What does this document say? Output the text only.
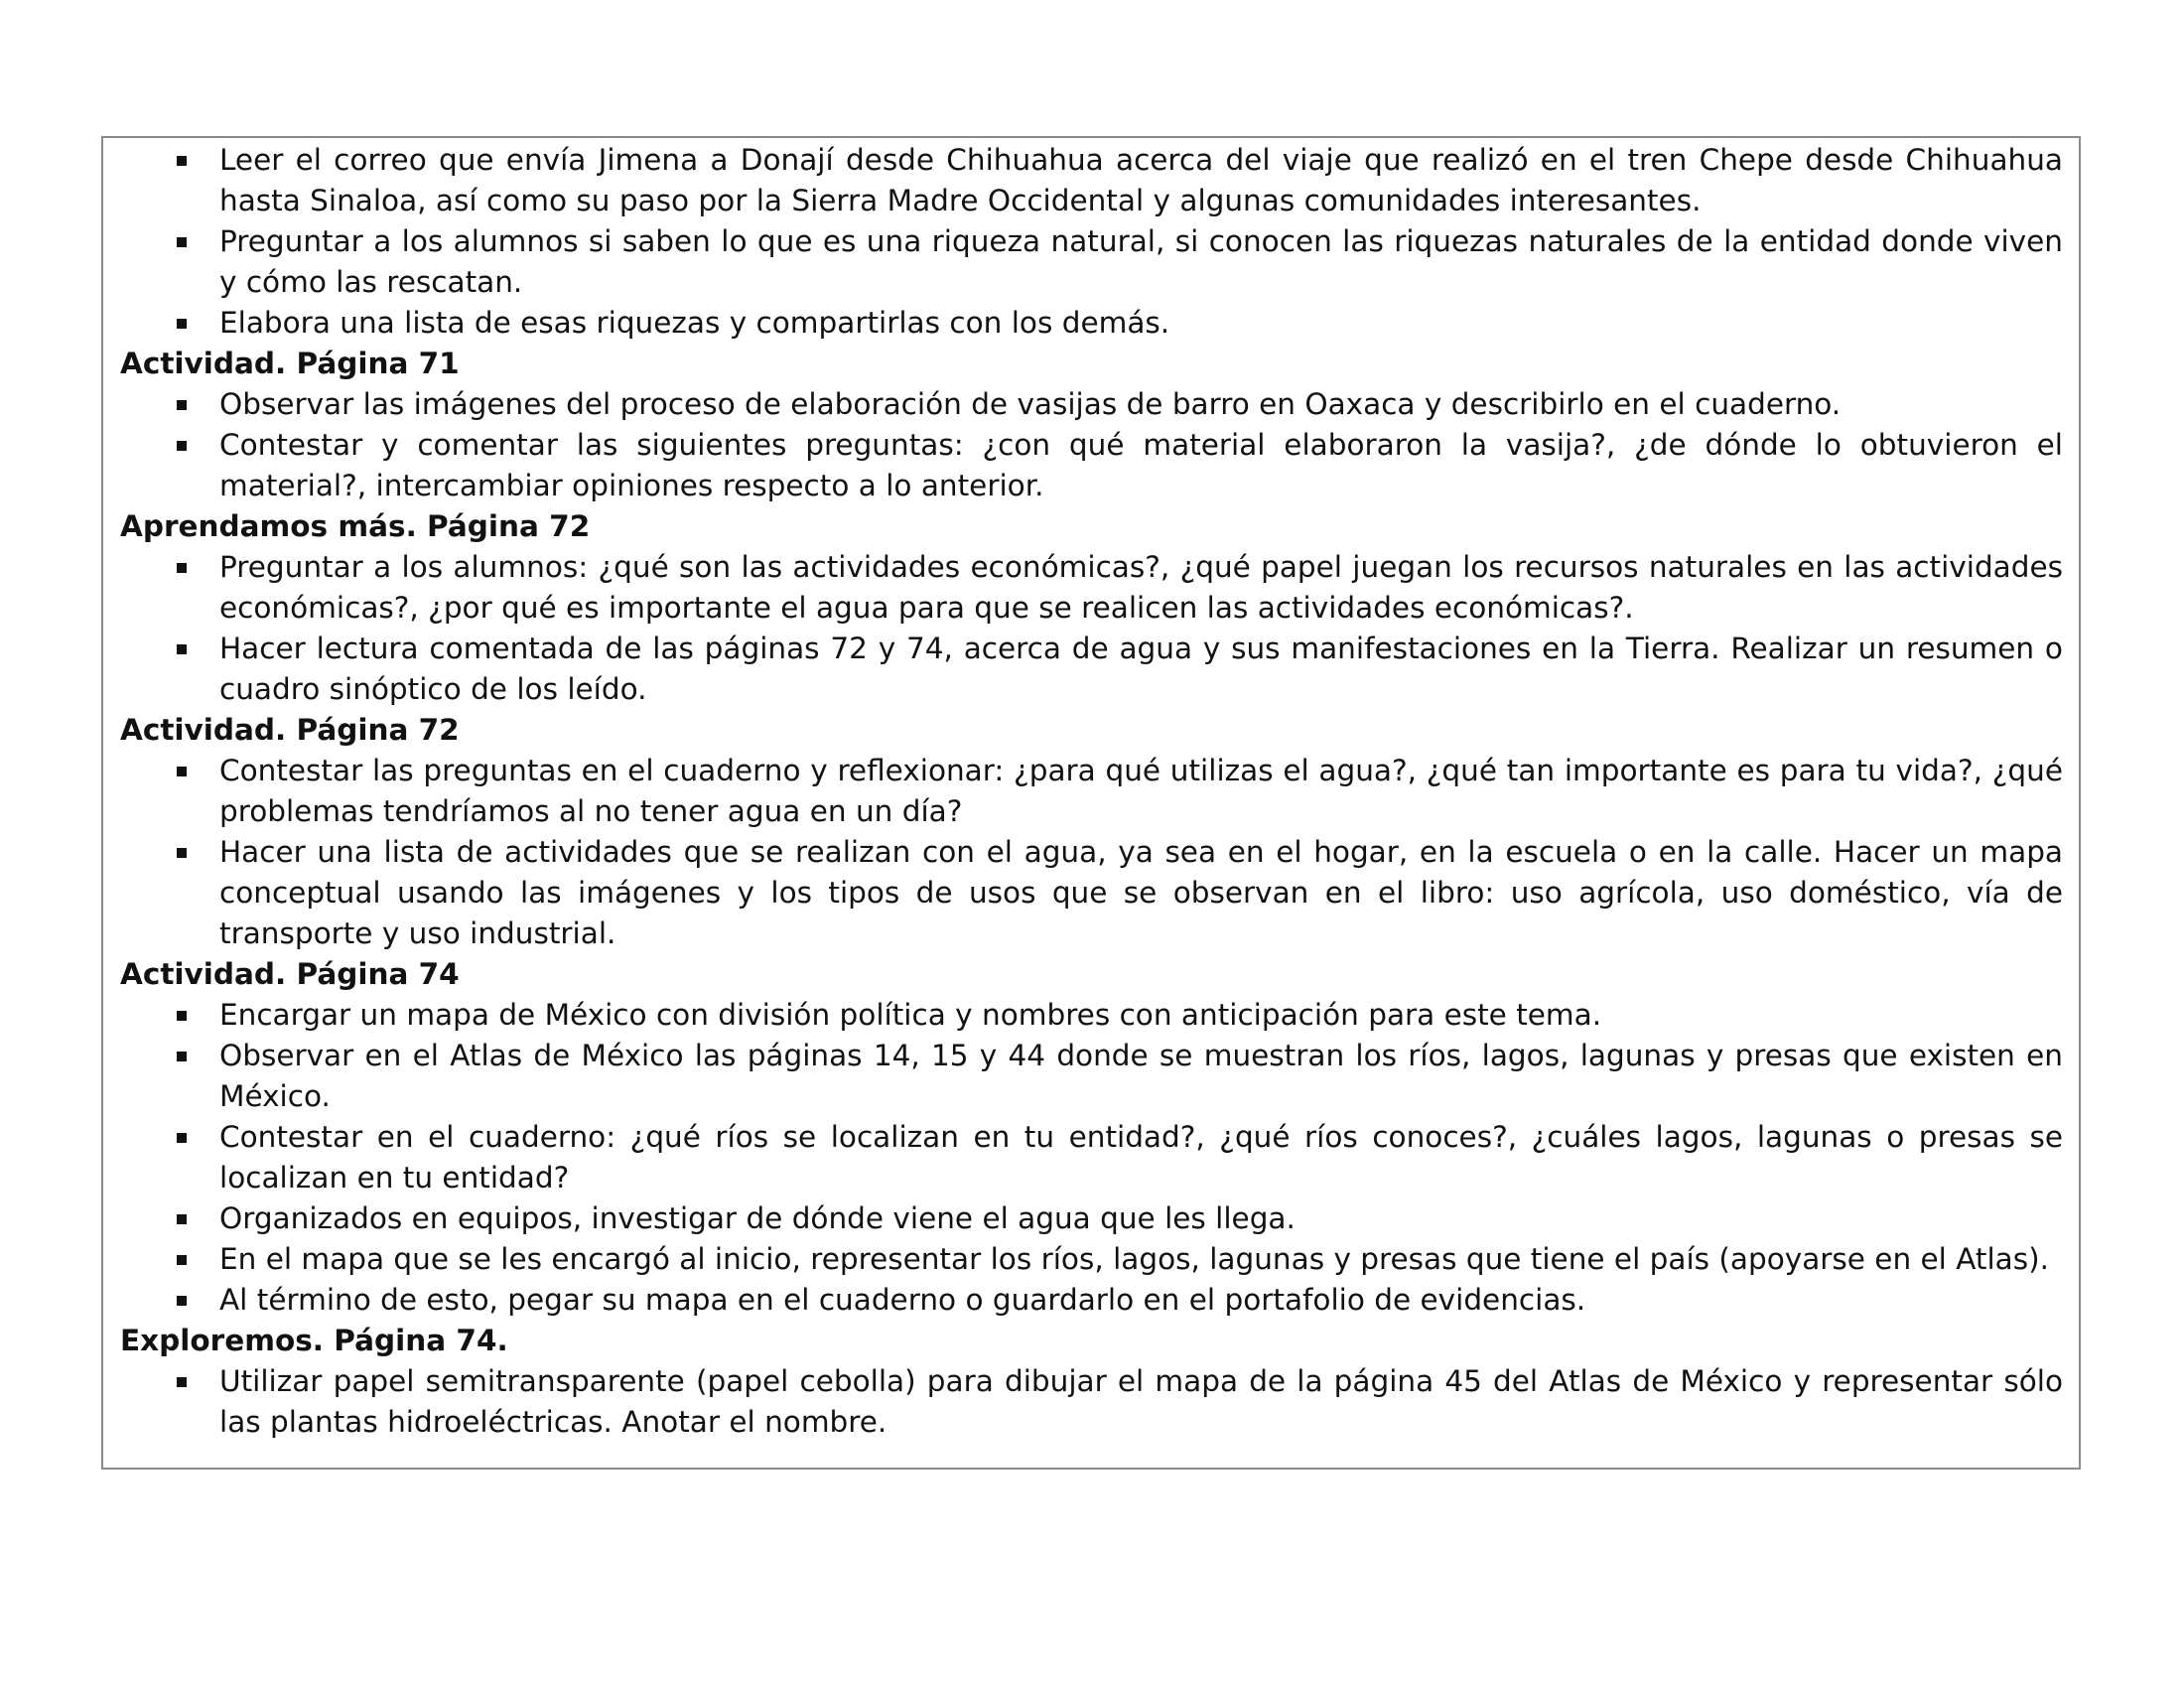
Leer el correo que envía Jimena a Donají desde Chihuahua acerca del viaje que realizó en el tren Chepe desde Chihuahua hasta Sinaloa, así como su paso por la Sierra Madre Occidental y algunas comunidades interesantes.
Preguntar a los alumnos si saben lo que es una riqueza natural, si conocen las riquezas naturales de la entidad donde viven y cómo las rescatan.
Elabora una lista de esas riquezas y compartirlas con los demás.
Actividad. Página 71
Observar las imágenes del proceso de elaboración de vasijas de barro en Oaxaca y describirlo en el cuaderno.
Contestar y comentar las siguientes preguntas: ¿con qué material elaboraron la vasija?, ¿de dónde lo obtuvieron el material?, intercambiar opiniones respecto a lo anterior.
Aprendamos más. Página 72
Preguntar a los alumnos: ¿qué son las actividades económicas?, ¿qué papel juegan los recursos naturales en las actividades económicas?, ¿por qué es importante el agua para que se realicen las actividades económicas?.
Hacer lectura comentada de las páginas 72 y 74, acerca de agua y sus manifestaciones en la Tierra. Realizar un resumen o cuadro sinóptico de los leído.
Actividad. Página 72
Contestar las preguntas en el cuaderno y reflexionar: ¿para qué utilizas el agua?, ¿qué tan importante es para tu vida?, ¿qué problemas tendríamos al no tener agua en un día?
Hacer una lista de actividades que se realizan con el agua, ya sea en el hogar, en la escuela o en la calle. Hacer un mapa conceptual usando las imágenes y los tipos de usos que se observan en el libro: uso agrícola, uso doméstico, vía de transporte y uso industrial.
Actividad. Página 74
Encargar un mapa de México con división política y nombres con anticipación para este tema.
Observar en el Atlas de México las páginas 14, 15 y 44 donde se muestran los ríos, lagos, lagunas y presas que existen en México.
Contestar en el cuaderno: ¿qué ríos se localizan en tu entidad?, ¿qué ríos conoces?, ¿cuáles lagos, lagunas o presas se localizan en tu entidad?
Organizados en equipos, investigar de dónde viene el agua que les llega.
En el mapa que se les encargó al inicio, representar los ríos, lagos, lagunas y presas que tiene el país (apoyarse en el Atlas).
Al término de esto, pegar su mapa en el cuaderno o guardarlo en el portafolio de evidencias.
Exploremos. Página 74.
Utilizar papel semitransparente (papel cebolla) para dibujar el mapa de la página 45 del Atlas de México y representar sólo las plantas hidroeléctricas. Anotar el nombre.
